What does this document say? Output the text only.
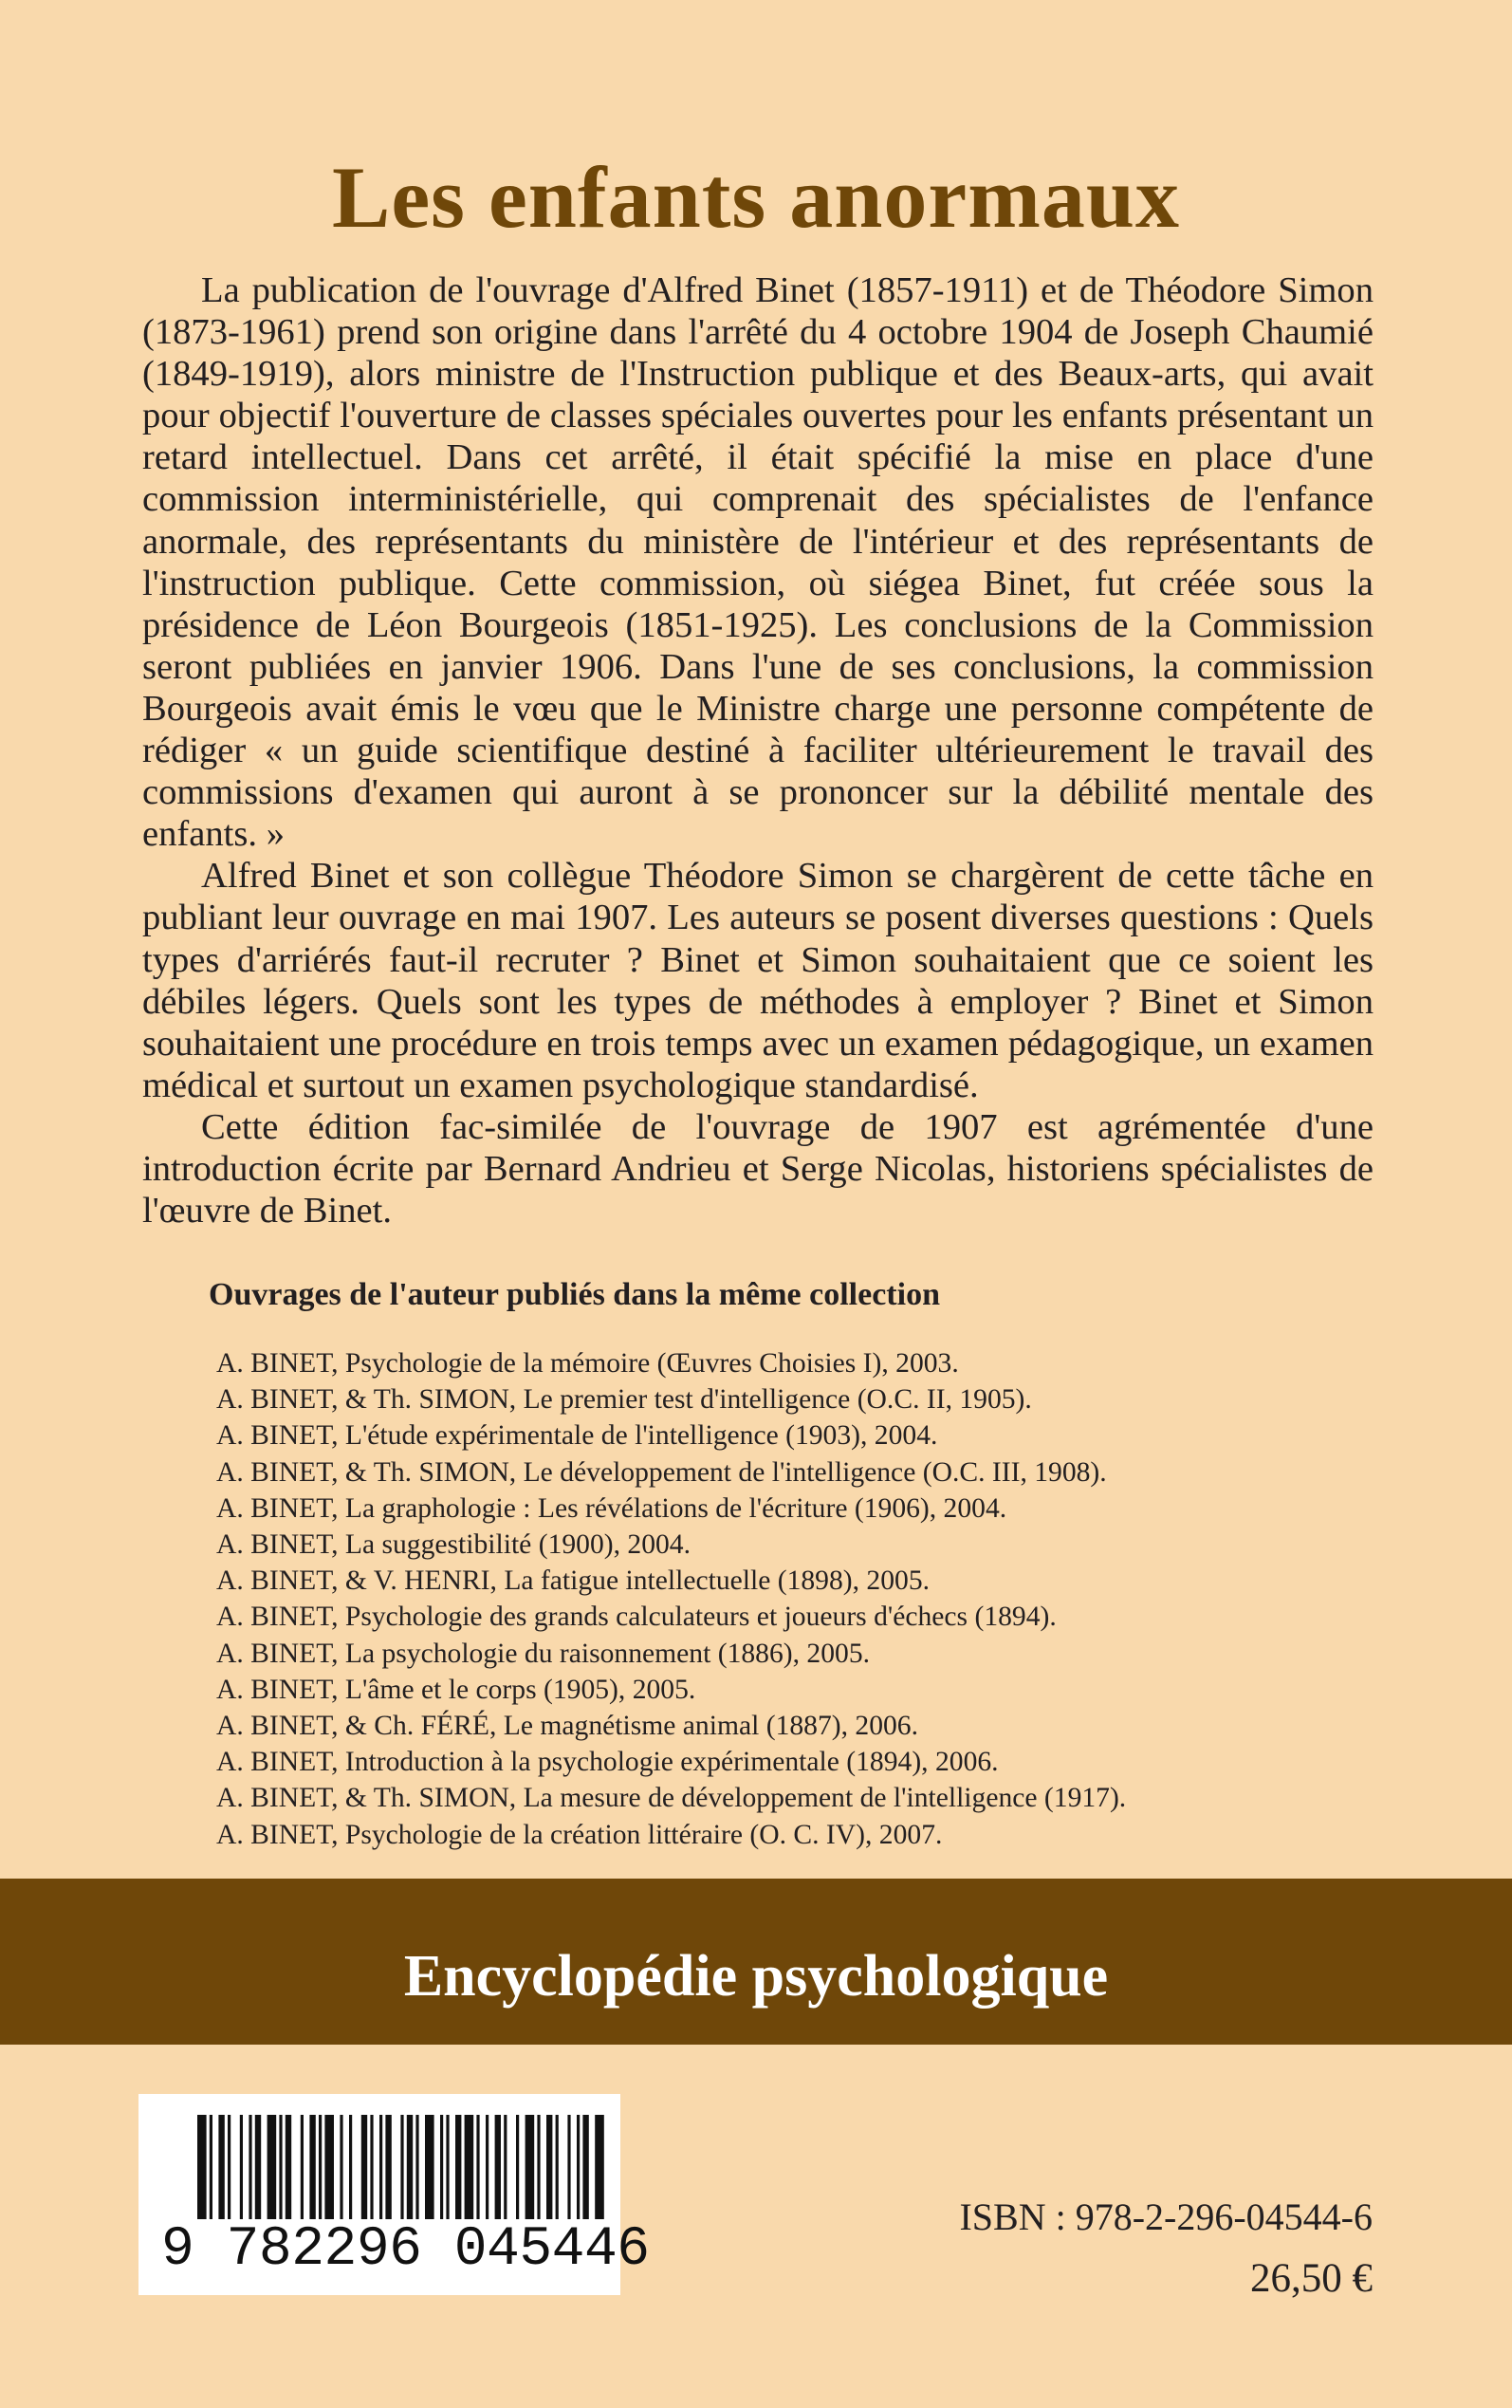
Les enfants anormaux

La publication de l'ouvrage d'Alfred Binet (1857-1911) et de Théodore Simon (1873-1961) prend son origine dans l'arrêté du 4 octobre 1904 de Joseph Chaumié (1849-1919), alors ministre de l'Instruction publique et des Beaux-arts, qui avait pour objectif l'ouverture de classes spéciales ouvertes pour les enfants présentant un retard intellectuel. Dans cet arrêté, il était spécifié la mise en place d'une commission interministérielle, qui comprenait des spécialistes de l'enfance anormale, des représentants du ministère de l'intérieur et des représentants de l'instruction publique. Cette commission, où siégea Binet, fut créée sous la présidence de Léon Bourgeois (1851-1925). Les conclusions de la Commission seront publiées en janvier 1906. Dans l'une de ses conclusions, la commission Bourgeois avait émis le vœu que le Ministre charge une personne compétente de rédiger « un guide scientifique destiné à faciliter ultérieurement le travail des commissions d'examen qui auront à se prononcer sur la débilité mentale des enfants. »

Alfred Binet et son collègue Théodore Simon se chargèrent de cette tâche en publiant leur ouvrage en mai 1907. Les auteurs se posent diverses questions : Quels types d'arriérés faut-il recruter ? Binet et Simon souhaitaient que ce soient les débiles légers. Quels sont les types de méthodes à employer ? Binet et Simon souhaitaient une procédure en trois temps avec un examen pédagogique, un examen médical et surtout un examen psychologique standardisé.

Cette édition fac-similée de l'ouvrage de 1907 est agrémentée d'une introduction écrite par Bernard Andrieu et Serge Nicolas, historiens spécialistes de l'œuvre de Binet.

Ouvrages de l'auteur publiés dans la même collection
A. BINET, Psychologie de la mémoire (Œuvres Choisies I), 2003.
A. BINET, & Th. SIMON, Le premier test d'intelligence (O.C. II, 1905).
A. BINET, L'étude expérimentale de l'intelligence (1903), 2004.
A. BINET, & Th. SIMON, Le développement de l'intelligence (O.C. III, 1908).
A. BINET, La graphologie : Les révélations de l'écriture (1906), 2004.
A. BINET, La suggestibilité (1900), 2004.
A. BINET, & V. HENRI, La fatigue intellectuelle (1898), 2005.
A. BINET, Psychologie des grands calculateurs et joueurs d'échecs (1894).
A. BINET, La psychologie du raisonnement (1886), 2005.
A. BINET, L'âme et le corps (1905), 2005.
A. BINET, & Ch. FÉRÉ, Le magnétisme animal (1887), 2006.
A. BINET, Introduction à la psychologie expérimentale (1894), 2006.
A. BINET, & Th. SIMON, La mesure de développement de l'intelligence (1917).
A. BINET, Psychologie de la création littéraire (O. C. IV), 2007.
Encyclopédie psychologique
9 782296 045446
ISBN : 978-2-296-04544-6
26,50 €
